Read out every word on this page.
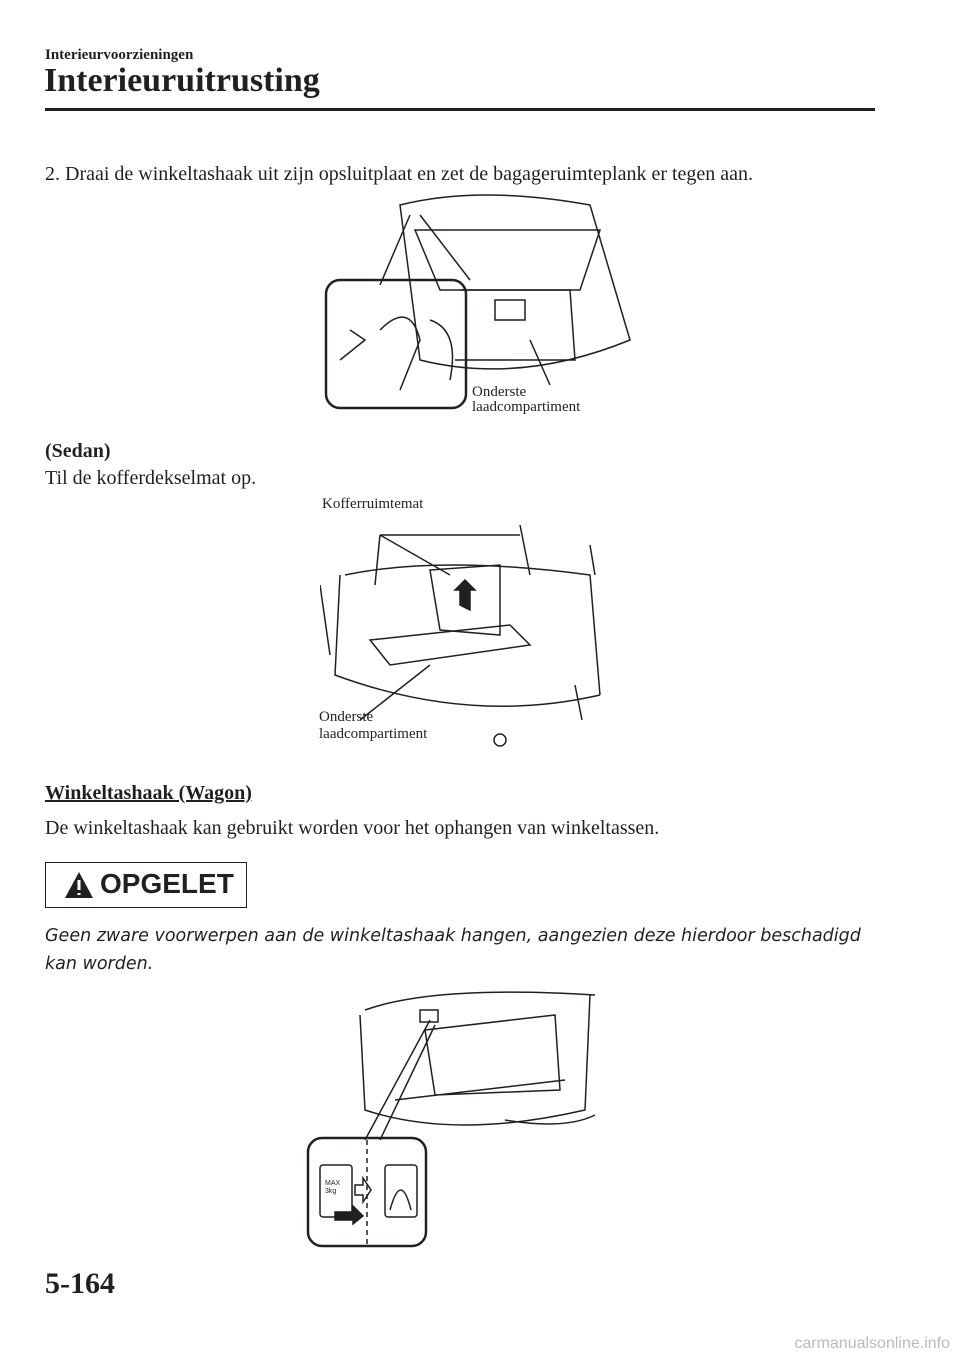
Interieurvoorzieningen
Interieuruitrusting
2. Draai de winkeltashaak uit zijn opsluitplaat en zet de bagageruimteplank er tegen aan.
Onderste
laadcompartiment
(Sedan)
Til de kofferdekselmat op.
Kofferruimtemat
Onderste
laadcompartiment
Winkeltashaak (Wagon)
De winkeltashaak kan gebruikt worden voor het ophangen van winkeltassen.
OPGELET
Geen zware voorwerpen aan de winkeltashaak hangen, aangezien deze hierdoor beschadigd kan worden.
MAX
3kg
5-164
carmanualsonline.info
